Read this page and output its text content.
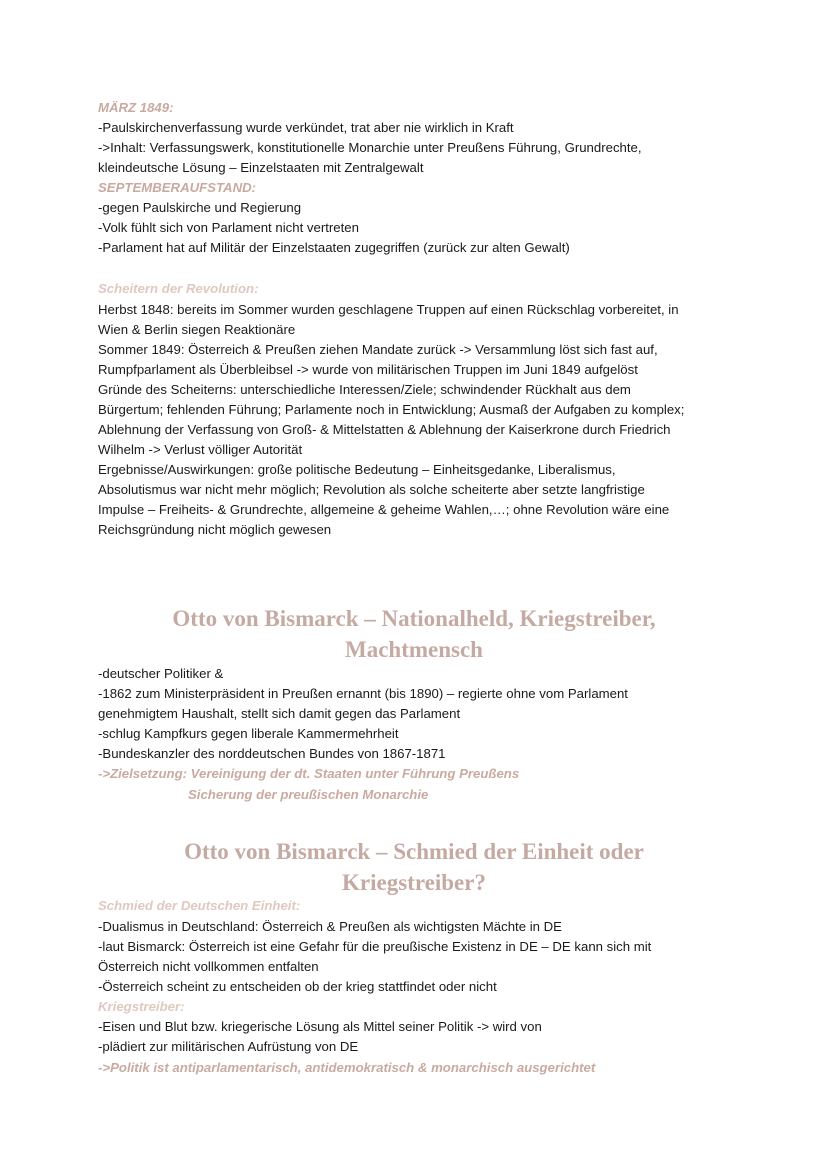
MÄRZ 1849:
-Paulskirchenverfassung wurde verkündet, trat aber nie wirklich in Kraft
->Inhalt: Verfassungswerk, konstitutionelle Monarchie unter Preußens Führung, Grundrechte,
kleindeutsche Lösung – Einzelstaaten mit Zentralgewalt
SEPTEMBERAUFSTAND:
-gegen Paulskirche und Regierung
-Volk fühlt sich von Parlament nicht vertreten
-Parlament hat auf Militär der Einzelstaaten zugegriffen (zurück zur alten Gewalt)
Scheitern der Revolution:
Herbst 1848: bereits im Sommer wurden geschlagene Truppen auf einen Rückschlag vorbereitet, in
Wien & Berlin siegen Reaktionäre
Sommer 1849: Österreich & Preußen ziehen Mandate zurück -> Versammlung löst sich fast auf,
Rumpfparlament als Überbleibsel -> wurde von militärischen Truppen im Juni 1849 aufgelöst
Gründe des Scheiterns: unterschiedliche Interessen/Ziele; schwindender Rückhalt aus dem
Bürgertum; fehlenden Führung; Parlamente noch in Entwicklung; Ausmaß der Aufgaben zu komplex;
Ablehnung der Verfassung von Groß- & Mittelstatten & Ablehnung der Kaiserkrone durch Friedrich
Wilhelm -> Verlust völliger Autorität
Ergebnisse/Auswirkungen: große politische Bedeutung – Einheitsgedanke, Liberalismus,
Absolutismus war nicht mehr möglich; Revolution als solche scheiterte aber setzte langfristige
Impulse – Freiheits- & Grundrechte, allgemeine & geheime Wahlen,…; ohne Revolution wäre eine
Reichsgründung nicht möglich gewesen
Otto von Bismarck – Nationalheld, Kriegstreiber,
Machtmensch
-deutscher Politiker &
-1862 zum Ministerpräsident in Preußen ernannt (bis 1890) – regierte ohne vom Parlament
genehmigtem Haushalt, stellt sich damit gegen das Parlament
-schlug Kampfkurs gegen liberale Kammermehrheit
-Bundeskanzler des norddeutschen Bundes von 1867-1871
->Zielsetzung: Vereinigung der dt. Staaten unter Führung Preußens
Sicherung der preußischen Monarchie
Otto von Bismarck – Schmied der Einheit oder
Kriegstreiber?
Schmied der Deutschen Einheit:
-Dualismus in Deutschland: Österreich & Preußen als wichtigsten Mächte in DE
-laut Bismarck: Österreich ist eine Gefahr für die preußische Existenz in DE – DE kann sich mit
Österreich nicht vollkommen entfalten
-Österreich scheint zu entscheiden ob der krieg stattfindet oder nicht
Kriegstreiber:
-Eisen und Blut bzw. kriegerische Lösung als Mittel seiner Politik -> wird von
-plädiert zur militärischen Aufrüstung von DE
->Politik ist antiparlamentarisch, antidemokratisch & monarchisch ausgerichtet
